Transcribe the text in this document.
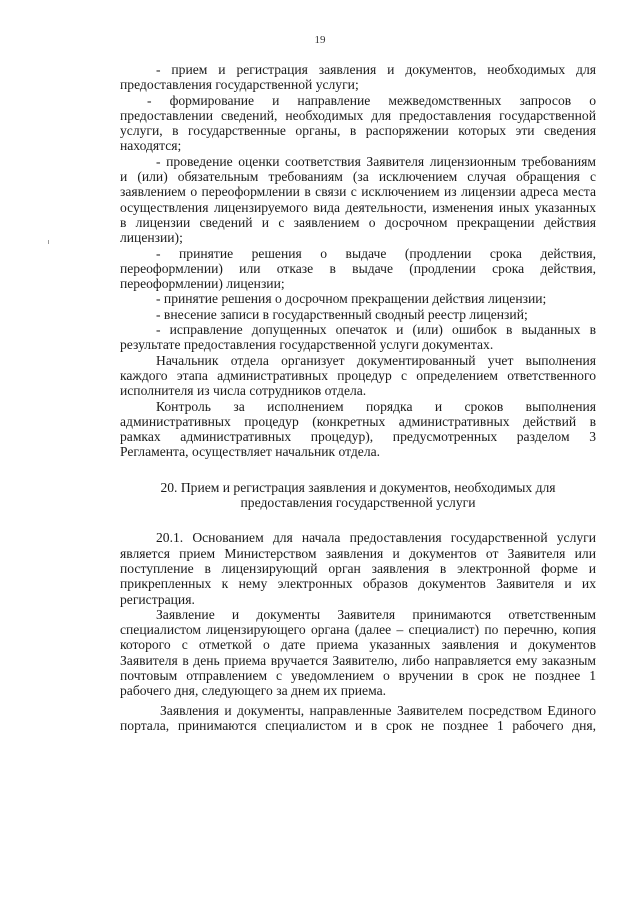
19
- прием и регистрация заявления и документов, необходимых для
предоставления государственной услуги;
- формирование и направление межведомственных запросов о
предоставлении сведений, необходимых для предоставления государственной
услуги, в государственные органы, в распоряжении которых эти сведения
находятся;
- проведение оценки соответствия Заявителя лицензионным требованиям
и (или) обязательным требованиям (за исключением случая обращения с
заявлением о переоформлении в связи с исключением из лицензии адреса места
осуществления лицензируемого вида деятельности, изменения иных указанных
в лицензии сведений и с заявлением о досрочном прекращении действия
лицензии);
- принятие решения о выдаче (продлении срока действия,
переоформлении) или отказе в выдаче (продлении срока действия,
переоформлении) лицензии;
- принятие решения о досрочном прекращении действия лицензии;
- внесение записи в государственный сводный реестр лицензий;
- исправление допущенных опечаток и (или) ошибок в выданных в
результате предоставления государственной услуги документах.
Начальник отдела организует документированный учет выполнения
каждого этапа административных процедур с определением ответственного
исполнителя из числа сотрудников отдела.
Контроль за исполнением порядка и сроков выполнения
административных процедур (конкретных административных действий в
рамках административных процедур), предусмотренных разделом 3
Регламента, осуществляет начальник отдела.
20. Прием и регистрация заявления и документов, необходимых для
предоставления государственной услуги
20.1. Основанием для начала предоставления государственной услуги
является прием Министерством заявления и документов от Заявителя или
поступление в лицензирующий орган заявления в электронной форме и
прикрепленных к нему электронных образов документов Заявителя и их
регистрация.
Заявление и документы Заявителя принимаются ответственным
специалистом лицензирующего органа (далее – специалист) по перечню, копия
которого с отметкой о дате приема указанных заявления и документов
Заявителя в день приема вручается Заявителю, либо направляется ему заказным
почтовым отправлением с уведомлением о вручении в срок не позднее 1
рабочего дня, следующего за днем их приема.
Заявления и документы, направленные Заявителем посредством Единого
портала, принимаются специалистом и в срок не позднее 1 рабочего дня,
